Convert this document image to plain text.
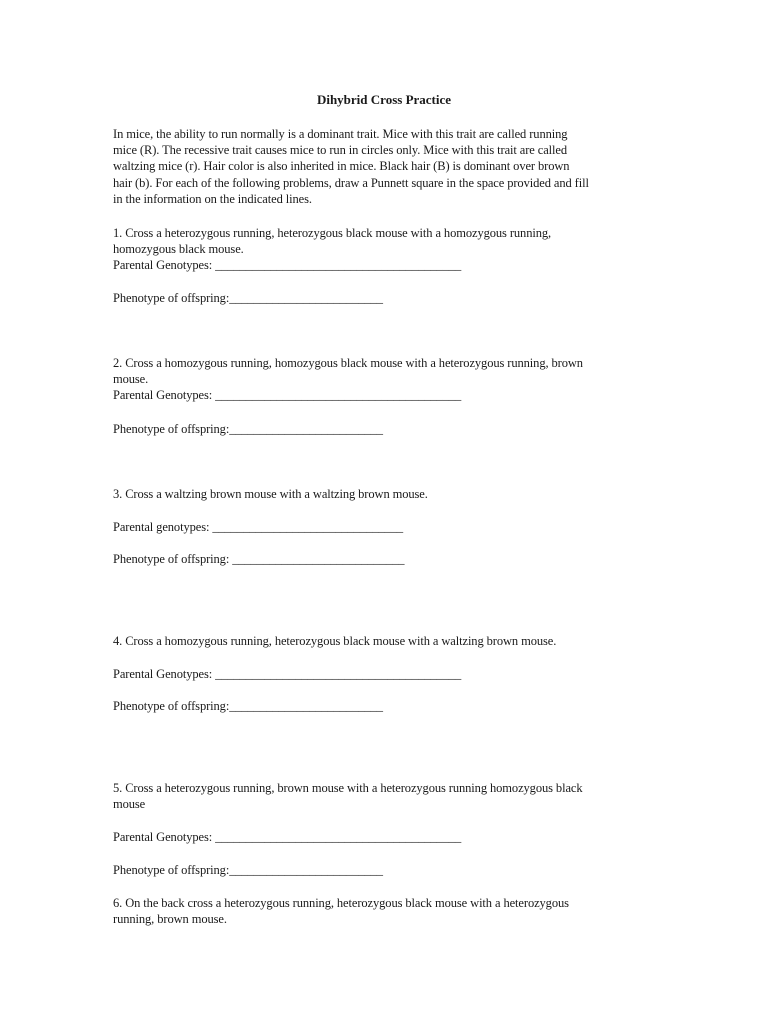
Dihybrid Cross Practice
In mice, the ability to run normally is a dominant trait. Mice with this trait are called running
mice (R). The recessive trait causes mice to run in circles only. Mice with this trait are called
waltzing mice (r). Hair color is also inherited in mice. Black hair (B) is dominant over brown
hair (b). For each of the following problems, draw a Punnett square in the space provided and fill
in the information on the indicated lines.
1. Cross a heterozygous running, heterozygous black mouse with a homozygous running,
homozygous black mouse.
Parental Genotypes: ________________________________________
Phenotype of offspring:_________________________
2. Cross a homozygous running, homozygous black mouse with a heterozygous running, brown
mouse.
Parental Genotypes: ________________________________________
Phenotype of offspring:_________________________
3. Cross a waltzing brown mouse with a waltzing brown mouse.
Parental genotypes: _______________________________
Phenotype of offspring: ____________________________
4. Cross a homozygous running, heterozygous black mouse with a waltzing brown mouse.
Parental Genotypes: ________________________________________
Phenotype of offspring:_________________________
5. Cross a heterozygous running, brown mouse with a heterozygous running homozygous black
mouse
Parental Genotypes: ________________________________________
Phenotype of offspring:_________________________
6. On the back cross a heterozygous running, heterozygous black mouse with a heterozygous
running, brown mouse.
